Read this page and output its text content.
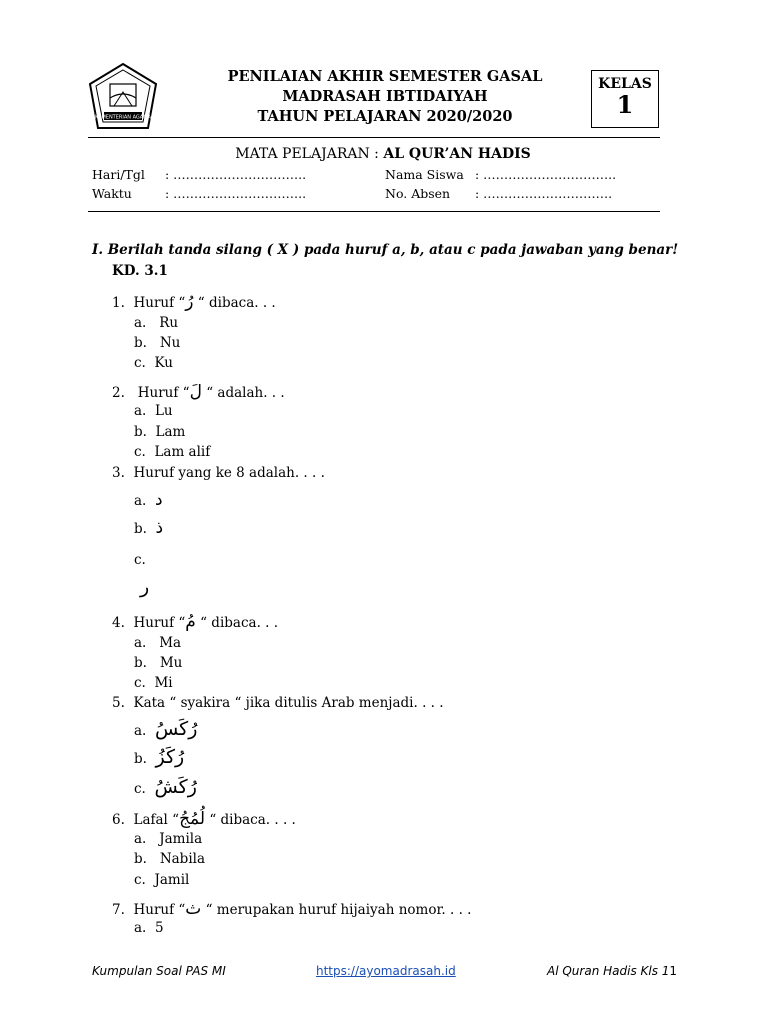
KEMENTERIAN AGAMA
PENILAIAN AKHIR SEMESTER GASAL
MADRASAH IBTIDAIYAH
TAHUN PELAJARAN 2020/2020
KELAS
1
MATA PELAJARAN : AL QUR’AN HADIS
Hari/Tgl : …………………………..
Waktu	: …………………………..
Nama Siswa : …………………………..
No. Absen : ………………………….
I. Berilah tanda silang ( X ) pada huruf a, b, atau c pada jawaban yang benar!
KD. 3.1
1. Huruf “رُ “ dibaca. . .
a. Ru
b. Nu
c. Ku
2. Huruf “لَ “ adalah. . .
a. Lu
b. Lam
c. Lam alif
3. Huruf yang ke 8 adalah. . . .
a. د
b. ذ
c.
ر
4. Huruf “مُ “ dibaca. . .
a. Ma
b. Mu
c. Mi
5. Kata “ syakira “ jika ditulis Arab menjadi. . . .
a. رُكَسُ
b. رُكَزُ
c. رُكَشُ
6. Lafal “لُمُجُ “ dibaca. . . .
a. Jamila
b. Nabila
c. Jamil
7. Huruf “ث “ merupakan huruf hijaiyah nomor. . . .
a. 5
Kumpulan Soal PAS MI	https://ayomadrasah.id	Al Quran Hadis Kls 11
